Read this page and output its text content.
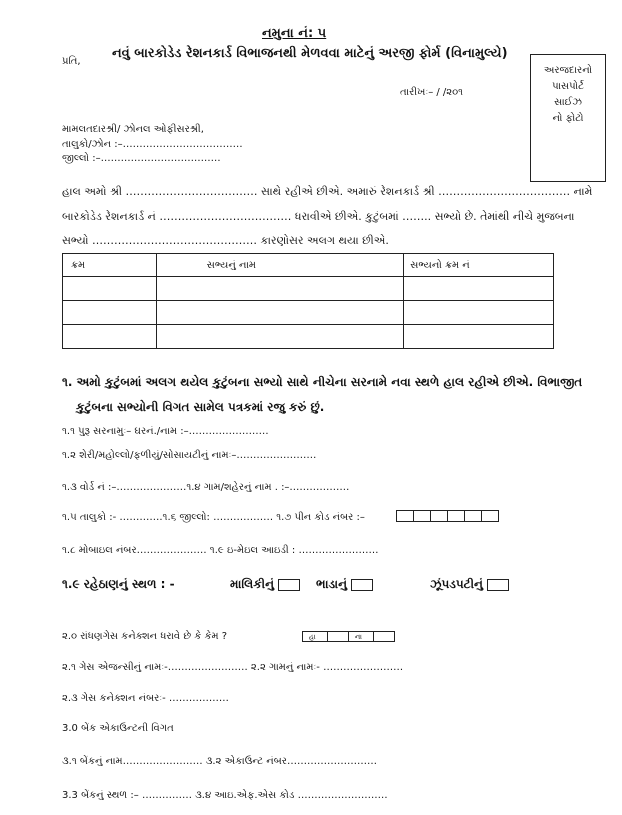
નમુના નં: ૫
પ્રતિ,
નવું બારકોડેડ રેશનકાર્ડ વિભાજનથી મેળવવા માટેનું અરજી ફોર્મ (વિનામુલ્યે)
તારીખઃ– / /૨૦૧
અરજદારનો
પાસપોર્ટ
સાઈઝ
નો ફોટો
મામલતદારશ્રી/ ઝોનલ ઓફીસરશ્રી,
તાલુકો/ઝોન :–………………………………
જીલ્લો :–………………………………
હાલ અમો શ્રી ……………………………… સાથે રહીએ છીએ. અમારું રેશનકાર્ડ શ્રી ……………………………… નામે
બારકોડેડ રેશનકાર્ડ નં ……………………………… ધરાવીએ છીએ. કુટુંબમાં …….. સભ્યો છે. તેમાંથી નીચે મુજબના
સભ્યો ……………………………………… કારણોસર અલગ થયા છીએ.
ક્રમ	સભ્યનું નામ	સભ્યનો ક્રમ નં

૧. અમો કુટુંબમાં અલગ થયેલ કુટુંબના સભ્યો સાથે નીચેના સરનામે નવા સ્થળે હાલ રહીએ છીએ. વિભાજીત
કુટુંબના સભ્યોની વિગત સામેલ પત્રકમાં રજુ કરું છું.
૧.૧ પુરૂ સરનામુઃ– ઘરનં./નામ :–……………………
૧.૨ શેરી/મહોલ્લો/ફળીયું/સોસાયટીનું નામઃ–……………………
૧.૩ વોર્ડ નં :–…………………૧.૪ ગામ/શહેરનું નામ . :–………………
૧.૫ તાલુકો :- ………….૧.૬ જીલ્લો: ……………… ૧.૭ પીન કોડ નંબર :–
૧.૮ મોબાઇલ નંબર………………… ૧.૯ ઇ-મેઇલ આઇડી : ……………………
૧.૯ રહેઠાણનું સ્થળ : -	માલિકીનું	ભાડાનું	ઝૂંપડપટીનું
૨.૦ રાંધણગેસ કનેક્શન ધરાવે છે કે કેમ ?	હા	ના
૨.૧ ગેસ એજન્સીનું નામઃ-…………………… ૨.૨ ગામનું નામઃ- ……………………
૨.૩ ગેસ કનેક્શન નંબરઃ- ………………
3.0 બેંક એકાઉન્ટની વિગત
૩.૧ બેંકનું નામ…………………… ૩.૨ એકાઉન્ટ નંબર………………………
3.3 બેંકનું સ્થળ :– …………… ૩.૪ આઇ.એફ.એસ કોડ ………………………
